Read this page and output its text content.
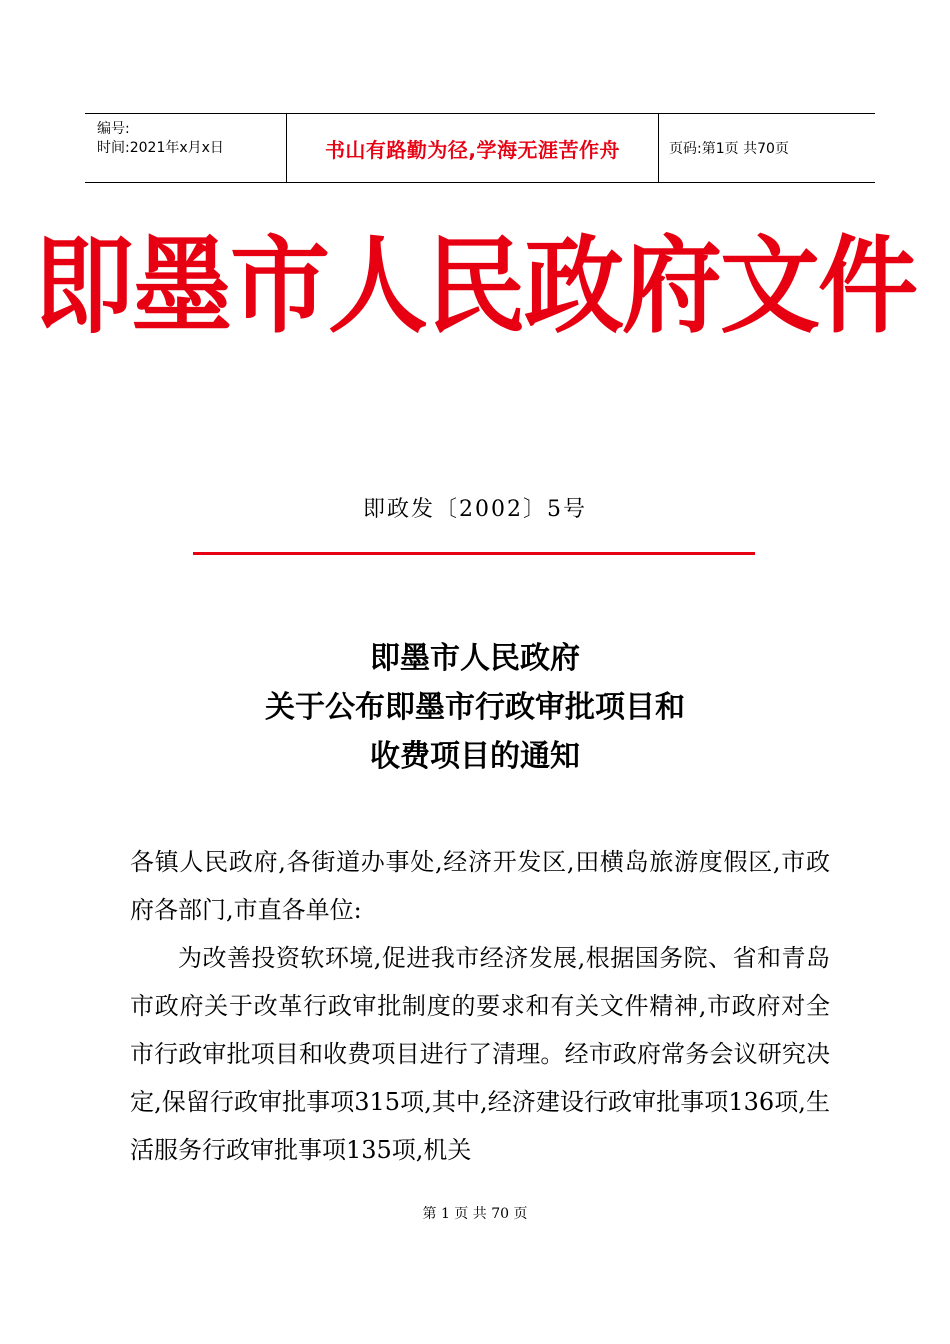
编号:
时间:2021年x月x日	书山有路勤为径,学海无涯苦作舟	页码:第1页 共70页
即墨市人民政府文件
即政发〔2002〕5号
即墨市人民政府
关于公布即墨市行政审批项目和
收费项目的通知

各镇人民政府,各街道办事处,经济开发区,田横岛旅游度假区,市政府各部门,市直各单位:

为改善投资软环境,促进我市经济发展,根据国务院、省和青岛市政府关于改革行政审批制度的要求和有关文件精神,市政府对全市行政审批项目和收费项目进行了清理。经市政府常务会议研究决定,保留行政审批事项315项,其中,经济建设行政审批事项136项,生活服务行政审批事项135项,机关

第 1 页 共 70 页
